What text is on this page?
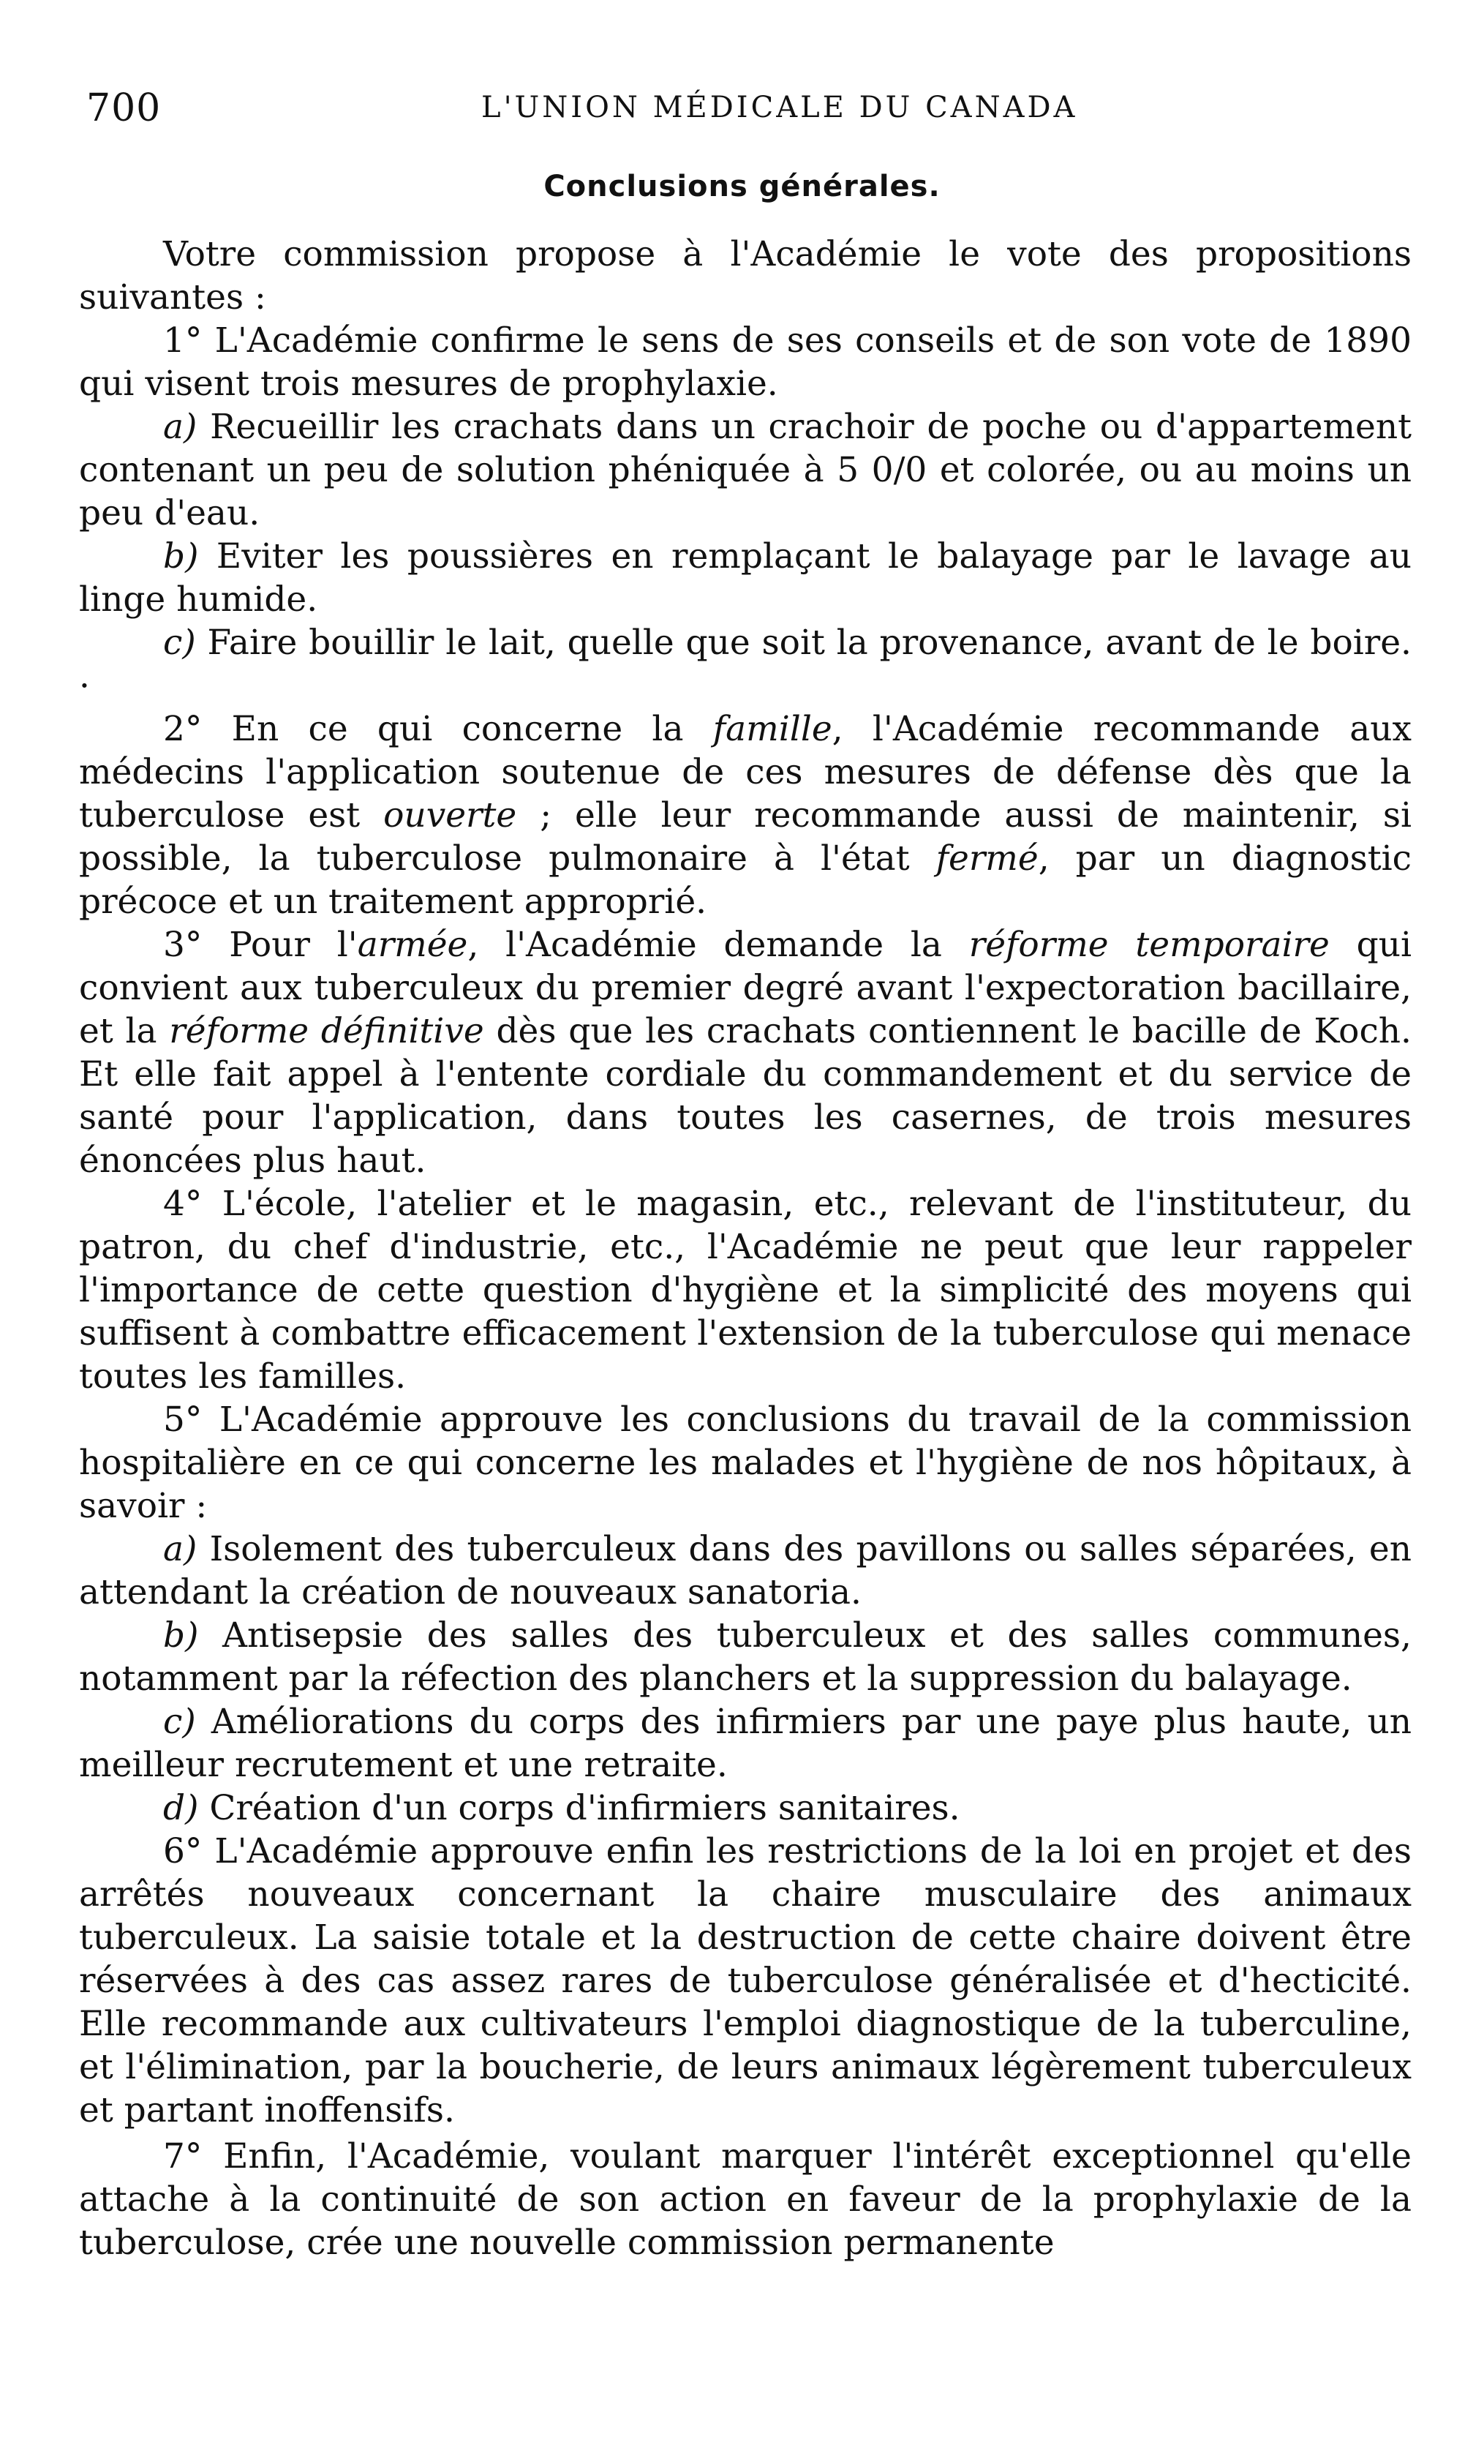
700	L'UNION MÉDICALE DU CANADA
Conclusions générales.

Votre commission propose à l'Académie le vote des propositions suivantes :

1° L'Académie confirme le sens de ses conseils et de son vote de 1890 qui visent trois mesures de prophylaxie.

a) Recueillir les crachats dans un crachoir de poche ou d'appartement contenant un peu de solution phéniquée à 5 0/0 et colorée, ou au moins un peu d'eau.

b) Eviter les poussières en remplaçant le balayage par le lavage au linge humide.

c) Faire bouillir le lait, quelle que soit la provenance, avant de le boire. ·

2° En ce qui concerne la famille, l'Académie recommande aux médecins l'application soutenue de ces mesures de défense dès que la tuberculose est ouverte ; elle leur recommande aussi de maintenir, si possible, la tuberculose pulmonaire à l'état fermé, par un diagnostic précoce et un traitement approprié.

3° Pour l'armée, l'Académie demande la réforme temporaire qui convient aux tuberculeux du premier degré avant l'expectoration bacillaire, et la réforme définitive dès que les crachats contiennent le bacille de Koch. Et elle fait appel à l'entente cordiale du commandement et du service de santé pour l'application, dans toutes les casernes, de trois mesures énoncées plus haut.

4° L'école, l'atelier et le magasin, etc., relevant de l'instituteur, du patron, du chef d'industrie, etc., l'Académie ne peut que leur rappeler l'importance de cette question d'hygiène et la simplicité des moyens qui suffisent à combattre efficacement l'extension de la tuberculose qui menace toutes les familles.

5° L'Académie approuve les conclusions du travail de la commission hospitalière en ce qui concerne les malades et l'hygiène de nos hôpitaux, à savoir :

a) Isolement des tuberculeux dans des pavillons ou salles séparées, en attendant la création de nouveaux sanatoria.

b) Antisepsie des salles des tuberculeux et des salles communes, notamment par la réfection des planchers et la suppression du balayage.

c) Améliorations du corps des infirmiers par une paye plus haute, un meilleur recrutement et une retraite.

d) Création d'un corps d'infirmiers sanitaires.

6° L'Académie approuve enfin les restrictions de la loi en projet et des arrêtés nouveaux concernant la chaire musculaire des animaux tuberculeux. La saisie totale et la destruction de cette chaire doivent être réservées à des cas assez rares de tuberculose généralisée et d'hecticité. Elle recommande aux cultivateurs l'emploi diagnostique de la tuberculine, et l'élimination, par la boucherie, de leurs animaux légèrement tuberculeux et partant inoffensifs.

7° Enfin, l'Académie, voulant marquer l'intérêt exceptionnel qu'elle attache à la continuité de son action en faveur de la prophylaxie de la tuberculose, crée une nouvelle commission permanente
